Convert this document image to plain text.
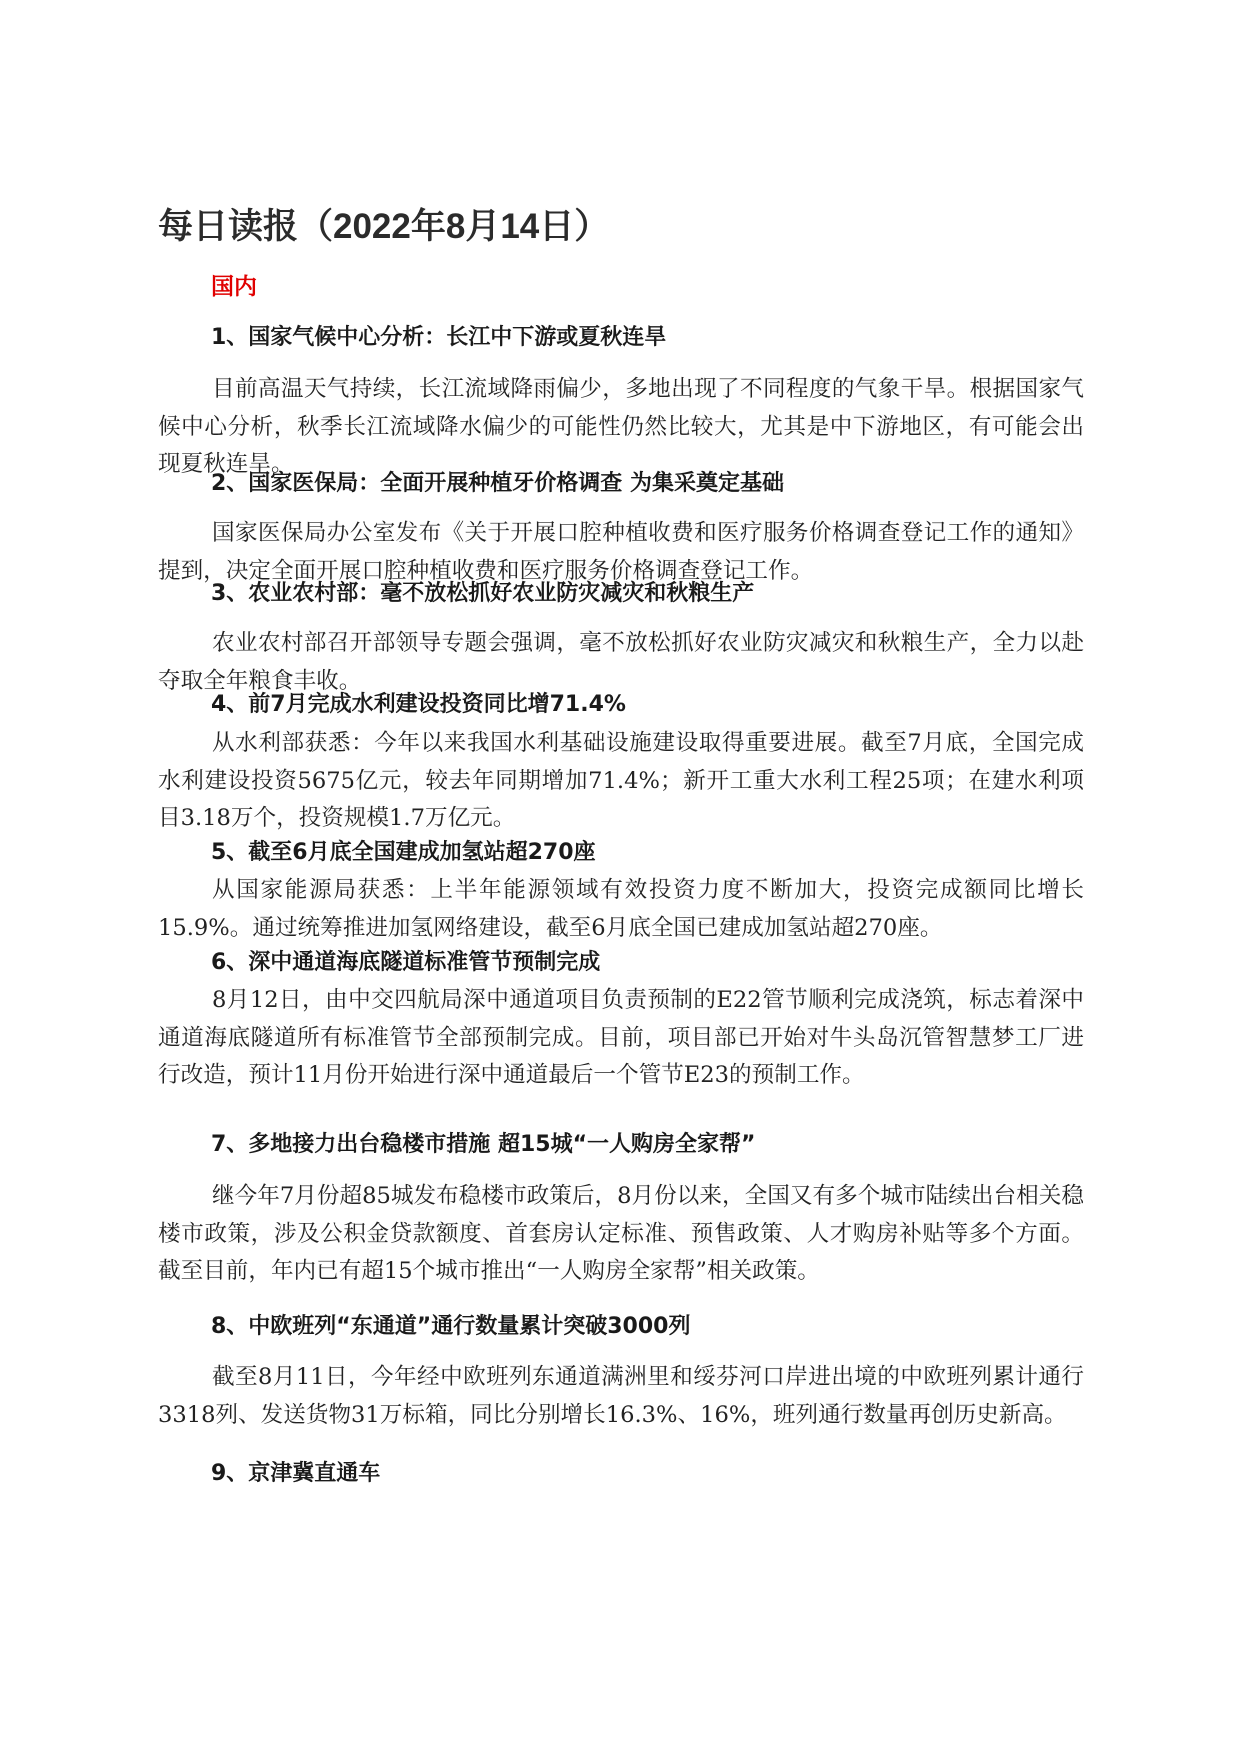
每日读报（2022年8月14日）
国内
1、国家气候中心分析：长江中下游或夏秋连旱

目前高温天气持续，长江流域降雨偏少，多地出现了不同程度的气象干旱。根据国家气候中心分析，秋季长江流域降水偏少的可能性仍然比较大，尤其是中下游地区，有可能会出现夏秋连旱。

2、国家医保局：全面开展种植牙价格调查 为集采奠定基础

国家医保局办公室发布《关于开展口腔种植收费和医疗服务价格调查登记工作的通知》提到，决定全面开展口腔种植收费和医疗服务价格调查登记工作。

3、农业农村部：毫不放松抓好农业防灾减灾和秋粮生产

农业农村部召开部领导专题会强调，毫不放松抓好农业防灾减灾和秋粮生产，全力以赴夺取全年粮食丰收。

4、前7月完成水利建设投资同比增71.4%

从水利部获悉：今年以来我国水利基础设施建设取得重要进展。截至7月底，全国完成水利建设投资5675亿元，较去年同期增加71.4%；新开工重大水利工程25项；在建水利项目3.18万个，投资规模1.7万亿元。

5、截至6月底全国建成加氢站超270座

从国家能源局获悉：上半年能源领域有效投资力度不断加大，投资完成额同比增长15.9%。通过统筹推进加氢网络建设，截至6月底全国已建成加氢站超270座。

6、深中通道海底隧道标准管节预制完成

8月12日，由中交四航局深中通道项目负责预制的E22管节顺利完成浇筑，标志着深中通道海底隧道所有标准管节全部预制完成。目前，项目部已开始对牛头岛沉管智慧梦工厂进行改造，预计11月份开始进行深中通道最后一个管节E23的预制工作。

7、多地接力出台稳楼市措施 超15城“一人购房全家帮”

继今年7月份超85城发布稳楼市政策后，8月份以来，全国又有多个城市陆续出台相关稳楼市政策，涉及公积金贷款额度、首套房认定标准、预售政策、人才购房补贴等多个方面。截至目前，年内已有超15个城市推出“一人购房全家帮”相关政策。

8、中欧班列“东通道”通行数量累计突破3000列

截至8月11日，今年经中欧班列东通道满洲里和绥芬河口岸进出境的中欧班列累计通行3318列、发送货物31万标箱，同比分别增长16.3%、16%，班列通行数量再创历史新高。

9、京津冀直通车
